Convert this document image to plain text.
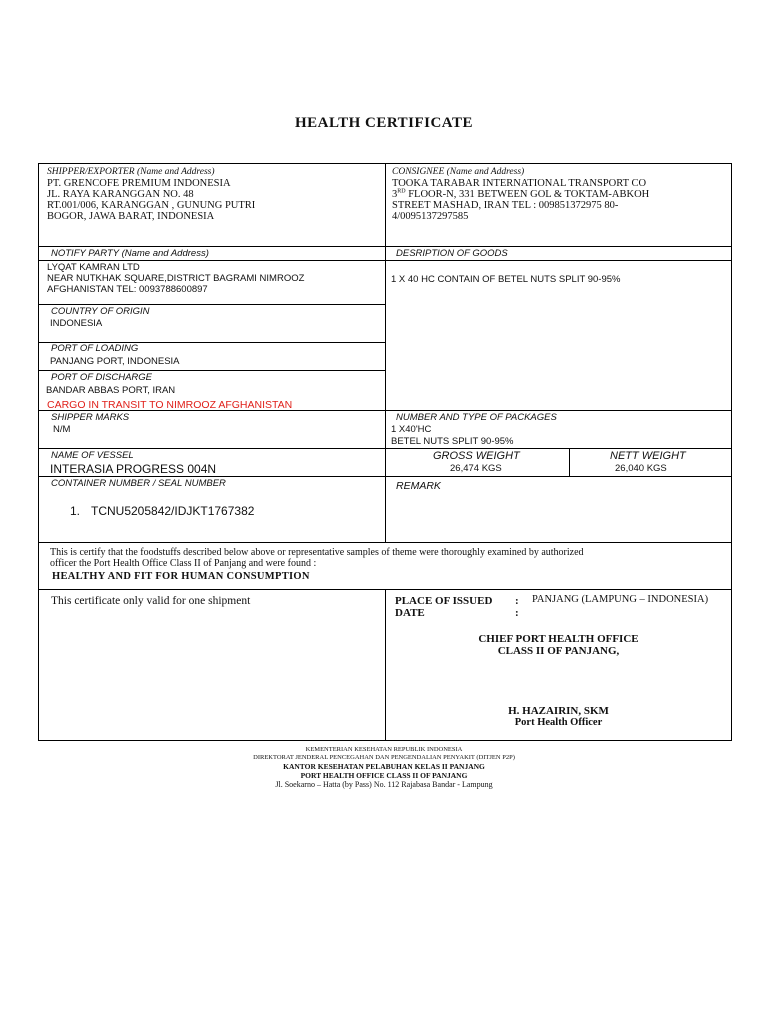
HEALTH CERTIFICATE
SHIPPER/EXPORTER (Name and Address)
PT. GRENCOFE PREMIUM INDONESIA
JL. RAYA KARANGGAN NO. 48
RT.001/006, KARANGGAN , GUNUNG PUTRI
BOGOR, JAWA BARAT, INDONESIA
CONSIGNEE (Name and Address)
TOOKA TARABAR INTERNATIONAL TRANSPORT CO
3RD FLOOR-N, 331 BETWEEN GOL & TOKTAM-ABKOH
STREET MASHAD, IRAN TEL : 009851372975 80-
4/0095137297585
NOTIFY PARTY (Name and Address)
LYQAT KAMRAN LTD
NEAR NUTKHAK SQUARE,DISTRICT BAGRAMI NIMROOZ
AFGHANISTAN TEL: 0093788600897
DESRIPTION OF GOODS
1 X 40 HC CONTAIN OF BETEL NUTS SPLIT 90-95%
COUNTRY OF ORIGIN
INDONESIA
PORT OF LOADING
PANJANG PORT, INDONESIA
PORT OF DISCHARGE
BANDAR ABBAS PORT, IRAN
CARGO IN TRANSIT TO NIMROOZ AFGHANISTAN
SHIPPER MARKS
N/M
NUMBER AND TYPE OF PACKAGES
1 X40'HC
BETEL NUTS SPLIT 90-95%
NAME OF VESSEL
INTERASIA PROGRESS 004N
GROSS WEIGHT
26,474 KGS
NETT WEIGHT
26,040 KGS
CONTAINER NUMBER / SEAL NUMBER
1. TCNU5205842/IDJKT1767382
REMARK
This is certify that the foodstuffs described below above or representative samples of theme were thoroughly examined by authorized
officer the Port Health Office Class II of Panjang and were found :
HEALTHY AND FIT FOR HUMAN CONSUMPTION
This certificate only valid for one shipment	PLACE OF ISSUED : PANJANG (LAMPUNG – INDONESIA)
DATE	:
CHIEF PORT HEALTH OFFICE
CLASS II OF PANJANG,
H. HAZAIRIN, SKM
Port Health Officer
KEMENTERIAN KESEHATAN REPUBLIK INDONESIA
DIREKTORAT JENDERAL PENCEGAHAN DAN PENGENDALIAN PENYAKIT (DITJEN P2P)
KANTOR KESEHATAN PELABUHAN KELAS II PANJANG
PORT HEALTH OFFICE CLASS II OF PANJANG
Jl. Soekarno – Hatta (by Pass) No. 112 Rajabasa Bandar - Lampung
